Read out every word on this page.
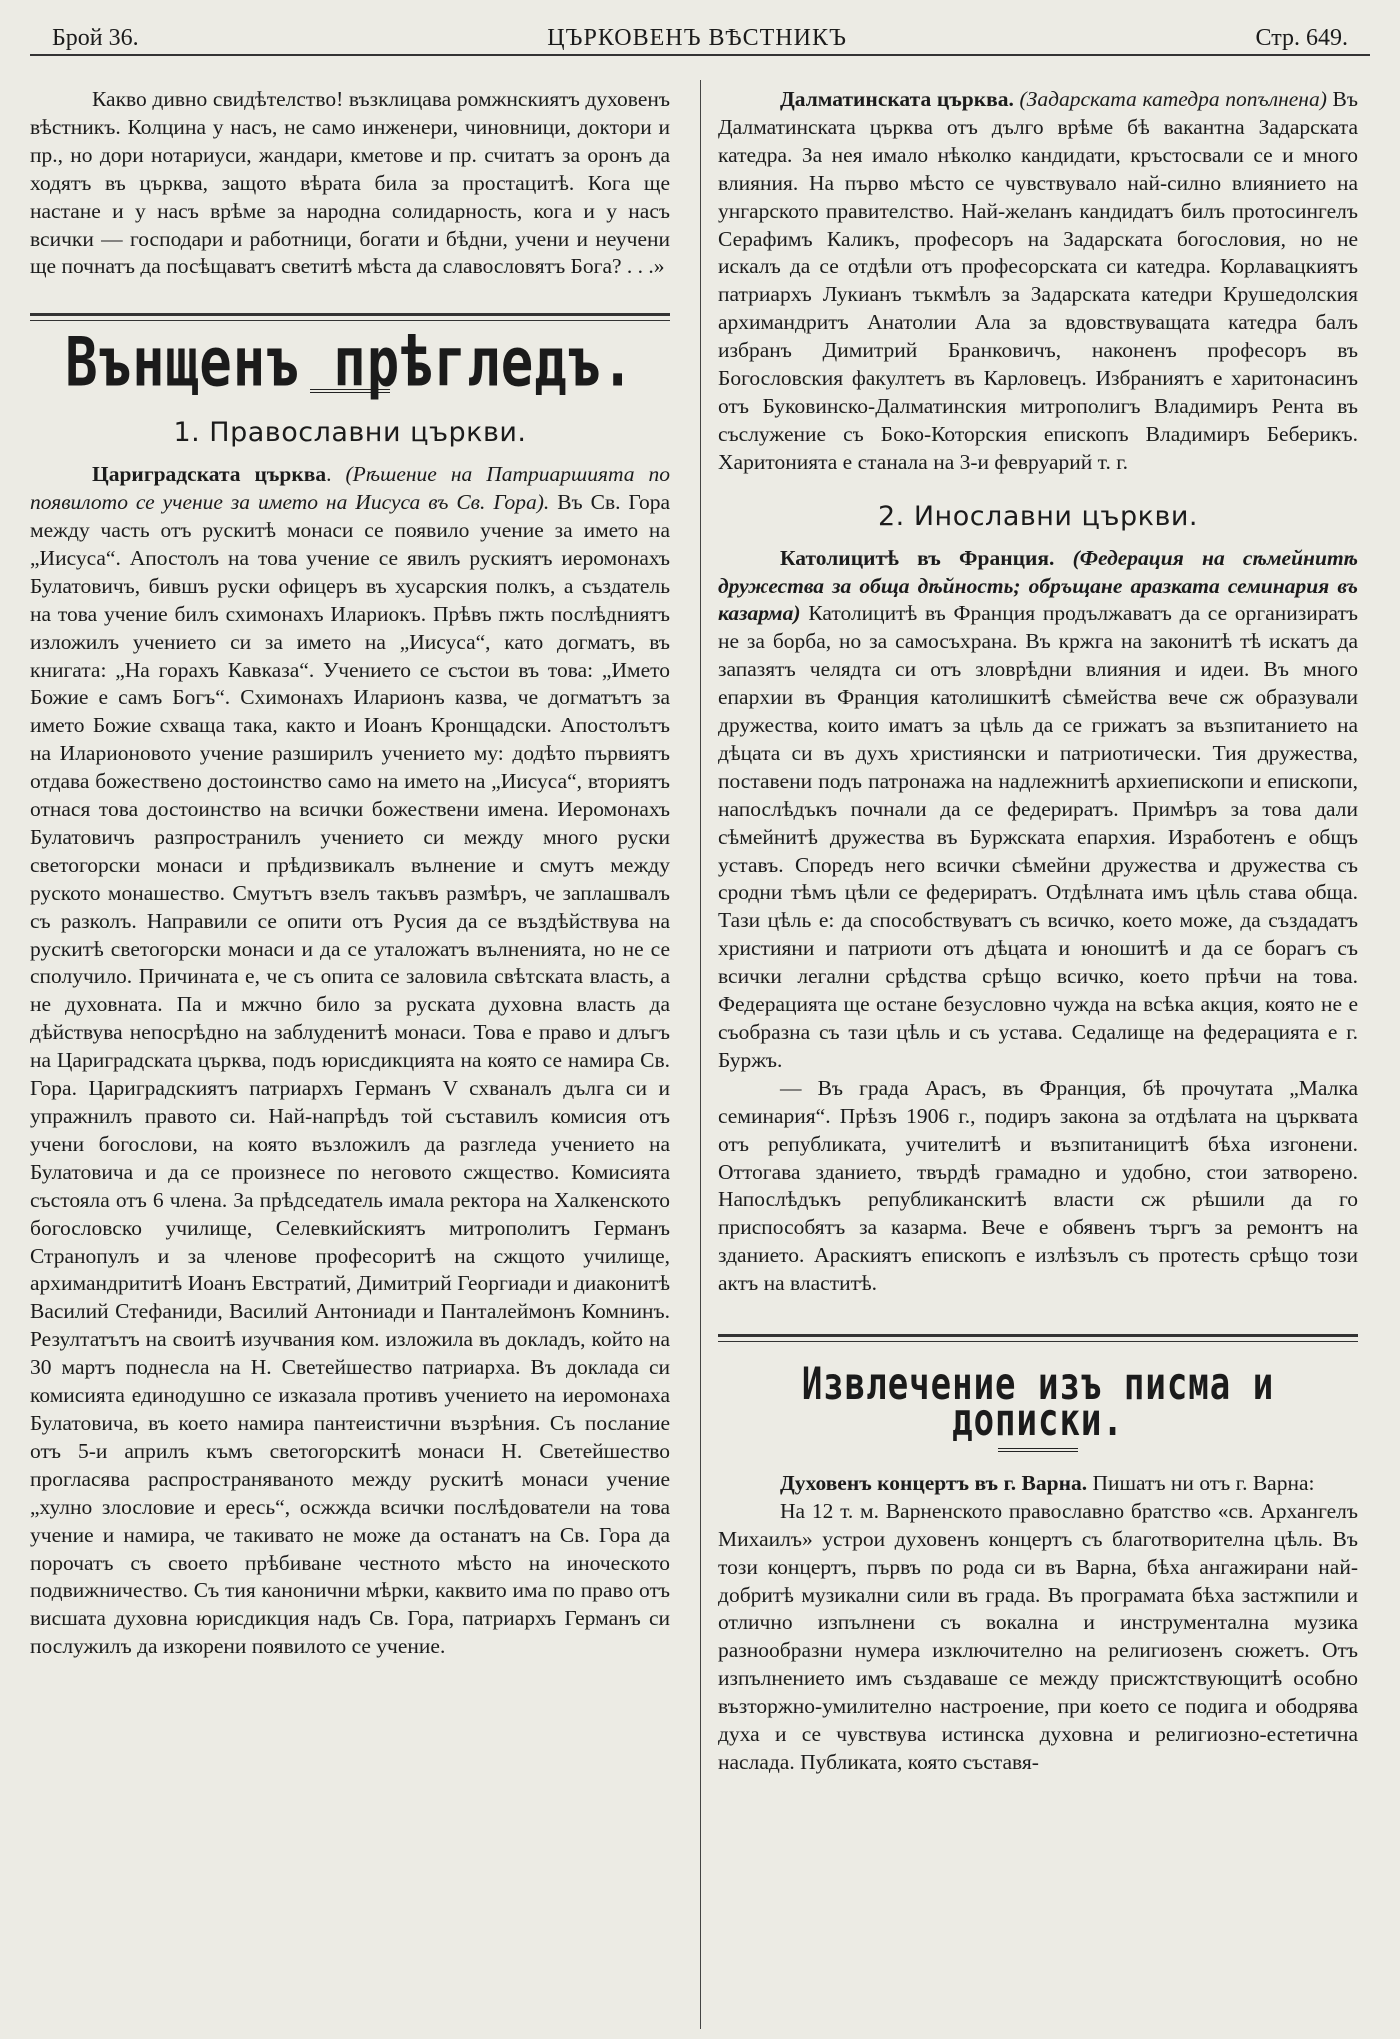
Брой 36.	ЦЪРКОВЕНЪ ВѢСТНИКЪ	Стр. 649.

Какво дивно свидѣтелство! възклицава ромжнскиятъ духовенъ вѣстникъ. Колцина у насъ, не само инженери, чиновници, доктори и пр., но дори нотариуси, жандари, кметове и пр. считатъ за оронъ да ходятъ въ църква, защото вѣрата била за простацитѣ. Кога ще настане и у насъ врѣме за народна солидарность, кога и у насъ всички — господари и работници, богати и бѣдни, учени и неучени ще почнатъ да посѣщаватъ светитѣ мѣста да славословятъ Бога? . . .»

Вънщенъ прѣгледъ.
1. Православни църкви.

Цариградската църква. (Рѣшение на Патриаршията по появилото се учение за името на Иисуса въ Св. Гора). Въ Св. Гора между часть отъ рускитѣ монаси се появило учение за името на „Иисуса“. Апостолъ на това учение се явилъ рускиятъ иеромонахъ Булатовичъ, бившъ руски офицеръ въ хусарския полкъ, а създатель на това учение билъ схимонахъ Илариокъ. Прѣвъ пжть послѣдниятъ изложилъ учението си за името на „Иисуса“, като догматъ, въ книгата: „На горахъ Кавказа“. Учението се състои въ това: „Името Божие е самъ Богъ“. Схимонахъ Иларионъ казва, че догматътъ за името Божие схваща така, както и Иоанъ Кронщадски. Апостолътъ на Иларионовото учение разширилъ учението му: додѣто първиятъ отдава божествено достоинство само на името на „Иисуса“, вториятъ отнася това достоинство на всички божествени имена. Иеромонахъ Булатовичъ разпространилъ учението си между много руски светогорски монаси и прѣдизвикалъ вълнение и смутъ между руското монашество. Смутътъ взелъ такъвъ размѣръ, че заплашвалъ съ разколъ. Направили се опити отъ Русия да се въздѣйствува на рускитѣ светогорски монаси и да се уталожатъ вълненията, но не се сполучило. Причината е, че съ опита се заловила свѣтската власть, а не духовната. Па и мжчно било за руската духовна власть да дѣйствува непосрѣдно на заблуденитѣ монаси. Това е право и длъгъ на Цариградската църква, подъ юрисдикцията на която се намира Св. Гора. Цариградскиятъ патриархъ Германъ V схваналъ дълга си и упражнилъ правото си. Най-напрѣдъ той съставилъ комисия отъ учени богослови, на която възложилъ да разгледа учението на Булатовича и да се произнесе по неговото сжщество. Комисията състояла отъ 6 члена. За прѣдседатель имала ректора на Халкенското богословско училище, Селевкийскиятъ митрополитъ Германъ Странопулъ и за членове професоритѣ на сжщото училище, архимандрититѣ Иоанъ Евстратий, Димитрий Георгиади и диаконитѣ Василий Стефаниди, Василий Антониади и Панталеймонъ Комнинъ. Резултатътъ на своитѣ изучвания ком. изложила въ докладъ, който на 30 мартъ поднесла на Н. Светейшество патриарха. Въ доклада си комисията единодушно се изказала противъ учението на иеромонаха Булатовича, въ което намира пантеистични възрѣния. Съ послание отъ 5-и априлъ къмъ светогорскитѣ монаси Н. Светейшество прогласява распространяваното между рускитѣ монаси учение „хулно злословие и ересь“, осжжда всички послѣдователи на това учение и намира, че такивато не може да останатъ на Св. Гора да порочатъ съ своето прѣбиване честното мѣсто на иноческото подвижничество. Съ тия канонични мѣрки, каквито има по право отъ висшата духовна юрисдикция надъ Св. Гора, патриархъ Германъ си послужилъ да изкорени появилото се учение.

Далматинската църква. (Задарската катедра попълнена) Въ Далматинската църква отъ дълго врѣме бѣ вакантна Задарската катедра. За нея имало нѣколко кандидати, кръстосвали се и много влияния. На първо мѣсто се чувствувало най-силно влиянието на унгарското правителство. Най-желанъ кандидатъ билъ протосингелъ Серафимъ Каликъ, професоръ на Задарската богословия, но не искалъ да се отдѣли отъ професорската си катедра. Корлавацкиятъ патриархъ Лукианъ тъкмѣлъ за Задарската катедри Крушедолския архимандритъ Анатолии Ала за вдовствуващата катедра балъ избранъ Димитрий Бранковичъ, наконенъ професоръ въ Богословския факултетъ въ Карловецъ. Избраниятъ е харитонасинъ отъ Буковинско-Далматинския митрополигъ Владимиръ Рента въ съслужение съ Боко-Которския епископъ Владимиръ Беберикъ. Харитонията е станала на 3-и февруарий т. г.

2. Инославни църкви.

Католицитѣ въ Франция. (Федерация на сѣмейнитѣ дружества за обща дѣйность; обръщане аразката семинария въ казарма) Католицитѣ въ Франция продължаватъ да се организиратъ не за борба, но за самосъхрана. Въ кржга на законитѣ тѣ искатъ да запазятъ челядта си отъ зловрѣдни влияния и идеи. Въ много епархии въ Франция католишкитѣ сѣмейства вече сж образували дружества, които иматъ за цѣль да се грижатъ за възпитанието на дѣцата си въ духъ християнски и патриотически. Тия дружества, поставени подъ патронажа на надлежнитѣ архиепископи и епископи, напослѣдъкъ почнали да се федериратъ. Примѣръ за това дали сѣмейнитѣ дружества въ Буржската епархия. Изработенъ е общъ уставъ. Споредъ него всички сѣмейни дружества и дружества съ сродни тѣмъ цѣли се федериратъ. Отдѣлната имъ цѣль става обща. Тази цѣль е: да способствуватъ съ всичко, което може, да създадатъ християни и патриоти отъ дѣцата и юношитѣ и да се борагъ съ всички легални срѣдства срѣщо всичко, което прѣчи на това. Федерацията ще остане безусловно чужда на всѣка акция, която не е съобразна съ тази цѣль и съ устава. Седалище на федерацията е г. Буржъ.

— Въ града Арасъ, въ Франция, бѣ прочутата „Малка семинария“. Прѣзъ 1906 г., подиръ закона за отдѣлата на църквата отъ републиката, учителитѣ и възпитаницитѣ бѣха изгонени. Оттогава зданието, твърдѣ грамадно и удобно, стои затворено. Напослѣдъкъ републиканскитѣ власти сж рѣшили да го приспособятъ за казарма. Вече е обявенъ търгъ за ремонтъ на зданието. Араскиятъ епископъ е излѣзълъ съ протесть срѣщо този актъ на властитѣ.

Извлечение изъ писма и дописки.

Духовенъ концертъ въ г. Варна. Пишатъ ни отъ г. Варна:

На 12 т. м. Варненското православно братство «св. Архангелъ Михаилъ» устрои духовенъ концертъ съ благотворителна цѣль. Въ този концертъ, първъ по рода си въ Варна, бѣха ангажирани най-добритѣ музикални сили въ града. Въ програмата бѣха застжпили и отлично изпълнени съ вокална и инструментална музика разнообразни нумера изключително на религиозенъ сюжетъ. Отъ изпълнението имъ създаваше се между присжтствующитѣ особно възторжно-умилително настроение, при което се подига и ободрява духа и се чувствува истинска духовна и религиозно-естетична наслада. Публиката, която съставя-
